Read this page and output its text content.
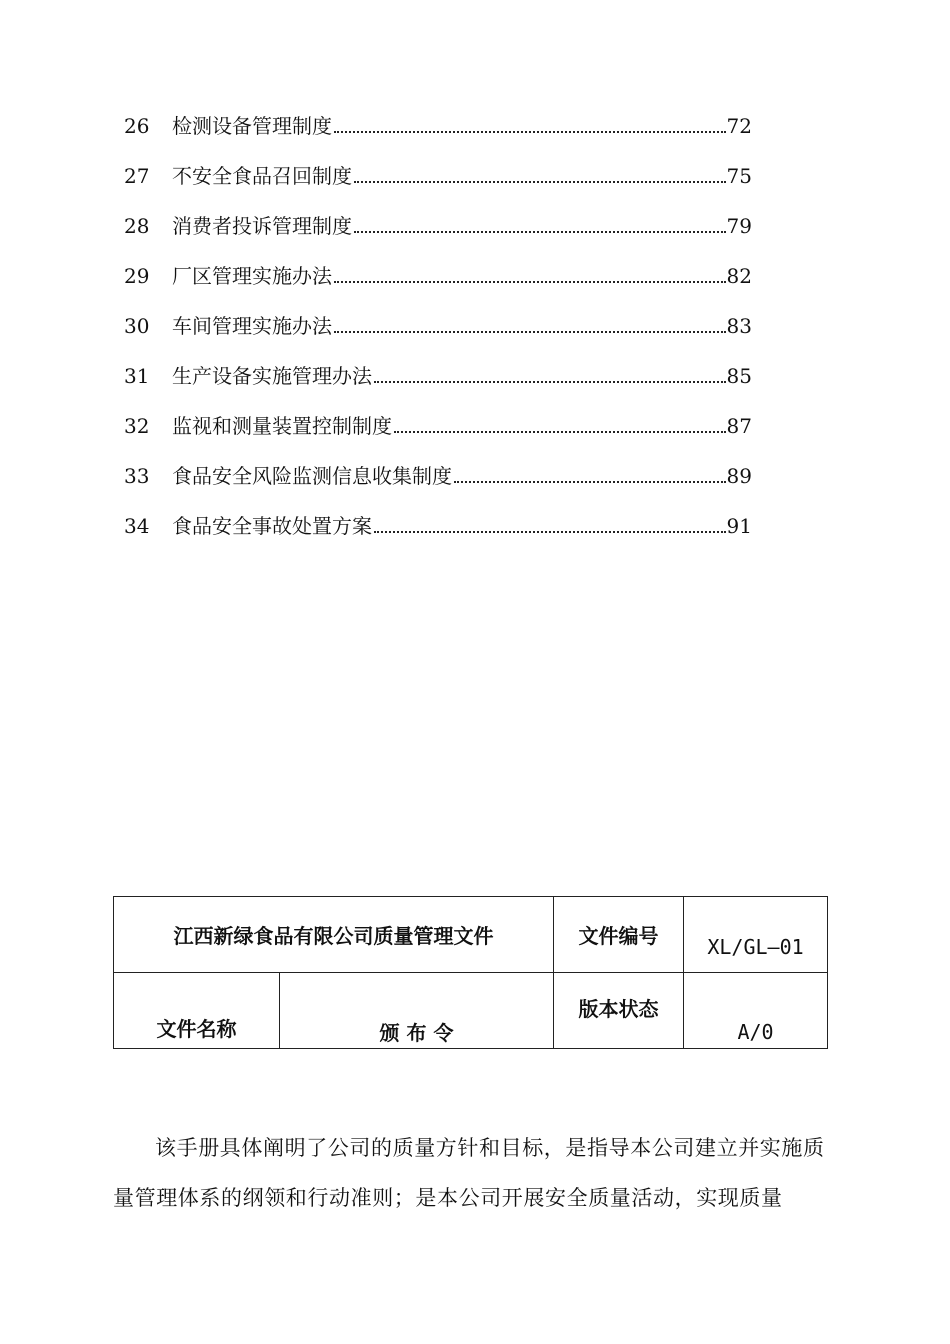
26	检测设备管理制度	72
27	不安全食品召回制度	75
28	消费者投诉管理制度	79
29	厂区管理实施办法	82
30	车间管理实施办法	83
31	生产设备实施管理办法	85
32	监视和测量装置控制制度	87
33	食品安全风险监测信息收集制度	89
34	食品安全事故处置方案	91
江西新绿食品有限公司质量管理文件		文件编号	XL/GL—01
文件名称	颁 布 令	版本状态	A/0

该手册具体阐明了公司的质量方针和目标，是指导本公司建立并实施质量管理体系的纲领和行动准则；是本公司开展安全质量活动，实现质量
